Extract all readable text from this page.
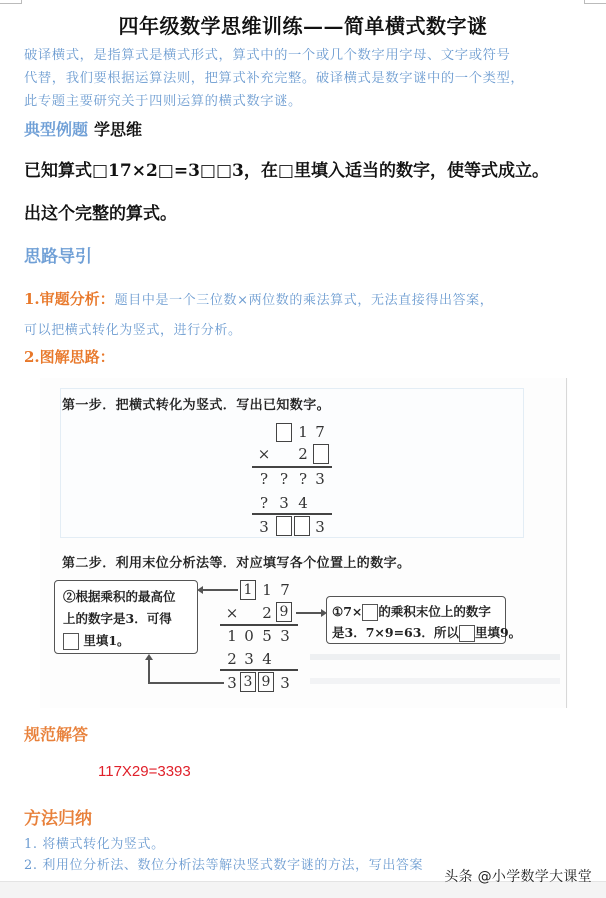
四年级数学思维训练——简单横式数字谜
破译横式，是指算式是横式形式，算式中的一个或几个数字用字母、文字或符号
代替，我们要根据运算法则，把算式补充完整。破译横式是数字谜中的一个类型，
此专题主要研究关于四则运算的横式数字谜。
典型例题 学思维
已知算式□17×2□=3□□3，在□里填入适当的数字，使等式成立。
出这个完整的算式。
思路导引
1.审题分析：题目中是一个三位数×两位数的乘法算式，无法直接得出答案，
可以把横式转化为竖式，进行分析。
2.图解思路：
第一步．把横式转化为竖式．写出已知数字。
1 7
× 2
? ? ? 3
? 3 4
3	3
第二步．利用末位分析法等．对应填写各个位置上的数字。
1 1 7
× 2 9
1 0 5 3
2 3 4
3 3 9 3
②根据乘积的最高位
上的数字是3．可得
里填1。
①7× 的乘积末位上的数字
是3．7×9=63．所以 里填9。
规范解答
117X29=3393
方法归纳
1. 将横式转化为竖式。
2. 利用位分析法、数位分析法等解决竖式数字谜的方法，写出答案
头条 @小学数学大课堂
